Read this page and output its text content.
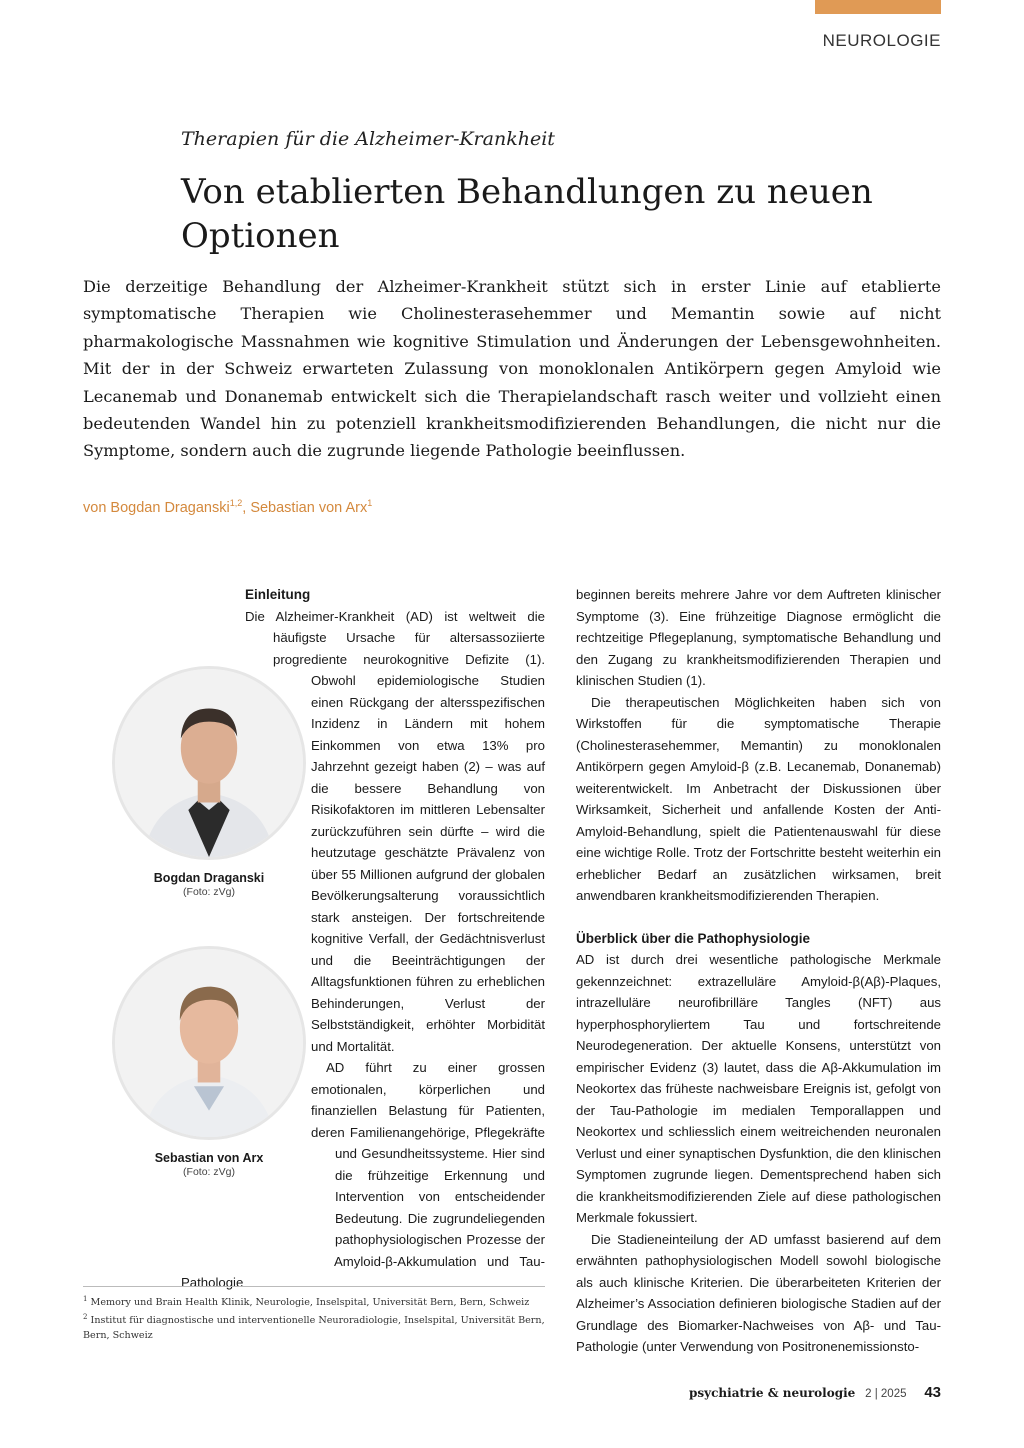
NEUROLOGIE
Therapien für die Alzheimer-Krankheit
Von etablierten Behandlungen zu neuen Optionen

Die derzeitige Behandlung der Alzheimer-Krankheit stützt sich in erster Linie auf etablierte symptomatische Therapien wie Cholinesterasehemmer und Memantin sowie auf nicht pharmakologische Massnahmen wie kognitive Stimulation und Änderungen der Lebensgewohnheiten. Mit der in der Schweiz erwarteten Zulassung von monoklonalen Antikörpern gegen Amyloid wie Lecanemab und Donanemab entwickelt sich die Therapielandschaft rasch weiter und vollzieht einen bedeutenden Wandel hin zu potenziell krankheitsmodifizierenden Behandlungen, die nicht nur die Symptome, sondern auch die zugrunde liegende Pathologie beeinflussen.

von Bogdan Draganski$^{1,2}$, Sebastian von Arx$^1$
Bogdan Draganski
(Foto: zVg)
Sebastian von Arx
(Foto: zVg)
Einleitung

Die Alzheimer-Krankheit (AD) ist weltweit die häufigste Ursache für altersassoziierte progrediente neurokognitive Defizite (1). Obwohl epidemiologische Studien einen Rückgang der altersspezifischen Inzidenz in Ländern mit hohem Einkommen von etwa 13% pro Jahrzehnt gezeigt haben (2) – was auf die bessere Behandlung von Risikofaktoren im mittleren Lebensalter zurückzuführen sein dürfte – wird die heutzutage geschätzte Prävalenz von über 55 Millionen aufgrund der globalen Bevölkerungsalterung voraussichtlich stark ansteigen. Der fortschreitende kognitive Verfall, der Gedächtnisverlust und die Beeinträchtigungen der Alltagsfunktionen führen zu erheblichen Behinderungen, Verlust der Selbstständigkeit, erhöhter Morbidität und Mortalität.

AD führt zu einer grossen emotionalen, körperlichen und finanziellen Belastung für Patienten, deren Familienangehörige, Pflegekräfte und Gesundheitssysteme. Hier sind die frühzeitige Erkennung und Intervention von entscheidender Bedeutung. Die zugrundeliegenden pathophysiologischen Prozesse der Amyloid-β-Akkumulation und Tau-Pathologie

beginnen bereits mehrere Jahre vor dem Auftreten klinischer Symptome (3). Eine frühzeitige Diagnose ermöglicht die rechtzeitige Pflegeplanung, symptomatische Behandlung und den Zugang zu krankheitsmodifizierenden Therapien und klinischen Studien (1).

Die therapeutischen Möglichkeiten haben sich von Wirkstoffen für die symptomatische Therapie (Cholinesterasehemmer, Memantin) zu monoklonalen Antikörpern gegen Amyloid-β (z.B. Lecanemab, Donanemab) weiterentwickelt. Im Anbetracht der Diskussionen über Wirksamkeit, Sicherheit und anfallende Kosten der Anti-Amyloid-Behandlung, spielt die Patientenauswahl für diese eine wichtige Rolle. Trotz der Fortschritte besteht weiterhin ein erheblicher Bedarf an zusätzlichen wirksamen, breit anwendbaren krankheitsmodifizierenden Therapien.

Überblick über die Pathophysiologie

AD ist durch drei wesentliche pathologische Merkmale gekennzeichnet: extrazelluläre Amyloid-β(Aβ)-Plaques, intrazelluläre neurofibrilläre Tangles (NFT) aus hyperphosphoryliertem Tau und fortschreitende Neurodegeneration. Der aktuelle Konsens, unterstützt von empirischer Evidenz (3) lautet, dass die Aβ-Akkumulation im Neokortex das früheste nachweisbare Ereignis ist, gefolgt von der Tau-Pathologie im medialen Temporallappen und Neokortex und schliesslich einem weitreichenden neuronalen Verlust und einer synaptischen Dysfunktion, die den klinischen Symptomen zugrunde liegen. Dementsprechend haben sich die krankheitsmodifizierenden Ziele auf diese pathologischen Merkmale fokussiert.

Die Stadieneinteilung der AD umfasst basierend auf dem erwähnten pathophysiologischen Modell sowohl biologische als auch klinische Kriterien. Die überarbeiteten Kriterien der Alzheimer’s Association definieren biologische Stadien auf der Grundlage des Biomarker-Nachweises von Aβ- und Tau-Pathologie (unter Verwendung von Positronenemissionsto-

$^1$ Memory und Brain Health Klinik, Neurologie, Inselspital, Universität Bern, Bern, Schweiz

$^2$ Institut für diagnostische und interventionelle Neuroradiologie, Inselspital, Universität Bern, Bern, Schweiz

psychiatrie & neurologie 2 | 2025 43
